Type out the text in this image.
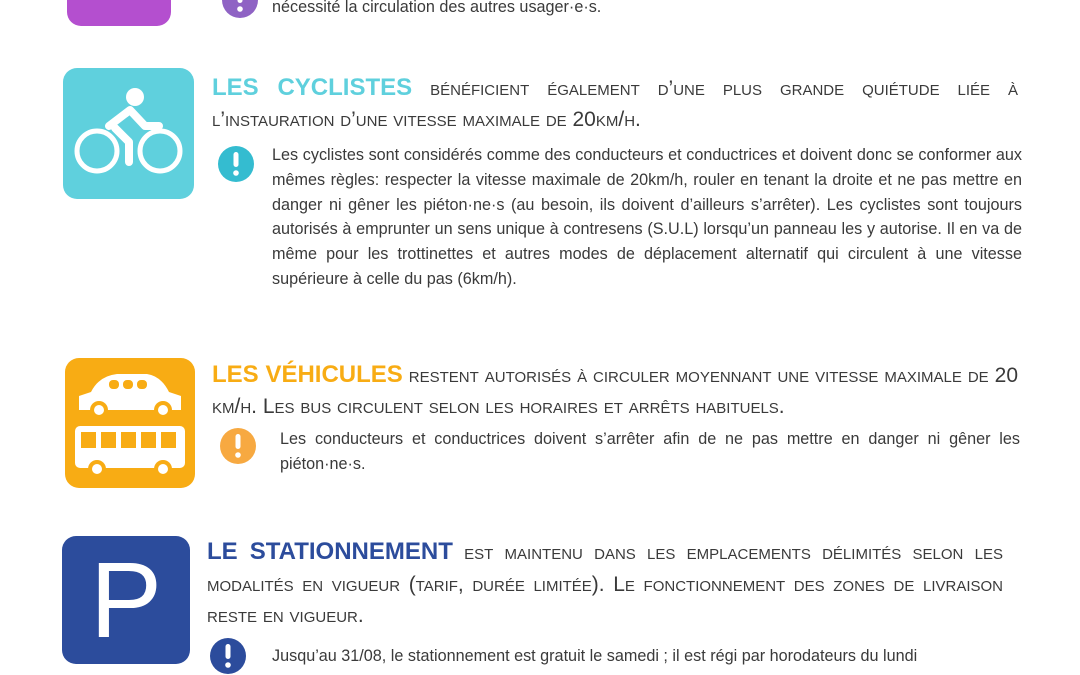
nécessité la circulation des autres usager·e·s.
LES CYCLISTES bénéficient également d’une plus grande quiétude liée à l’instauration d’une vitesse maximale de 20km/h.
Les cyclistes sont considérés comme des conducteurs et conductrices et doivent donc se conformer aux mêmes règles: respecter la vitesse maximale de 20km/h, rouler en tenant la droite et ne pas mettre en danger ni gêner les piéton·ne·s (au besoin, ils doivent d’ailleurs s’arrêter). Les cyclistes sont toujours autorisés à emprunter un sens unique à contresens (S.U.L) lorsqu’un panneau les y autorise. Il en va de même pour les trottinettes et autres modes de déplacement alternatif qui circulent à une vitesse supérieure à celle du pas (6km/h).
LES VÉHICULES restent autorisés à circuler moyennant une vitesse maximale de 20 km/h. Les bus circulent selon les horaires et arrêts habituels.
Les conducteurs et conductrices doivent s’arrêter afin de ne pas mettre en danger ni gêner les piéton·ne·s.
P	LE STATIONNEMENT est maintenu dans les emplacements délimités selon les modalités en vigueur (tarif, durée limitée). Le fonctionnement des zones de livraison reste en vigueur.
Jusqu’au 31/08, le stationnement est gratuit le samedi ; il est régi par horodateurs du lundi
